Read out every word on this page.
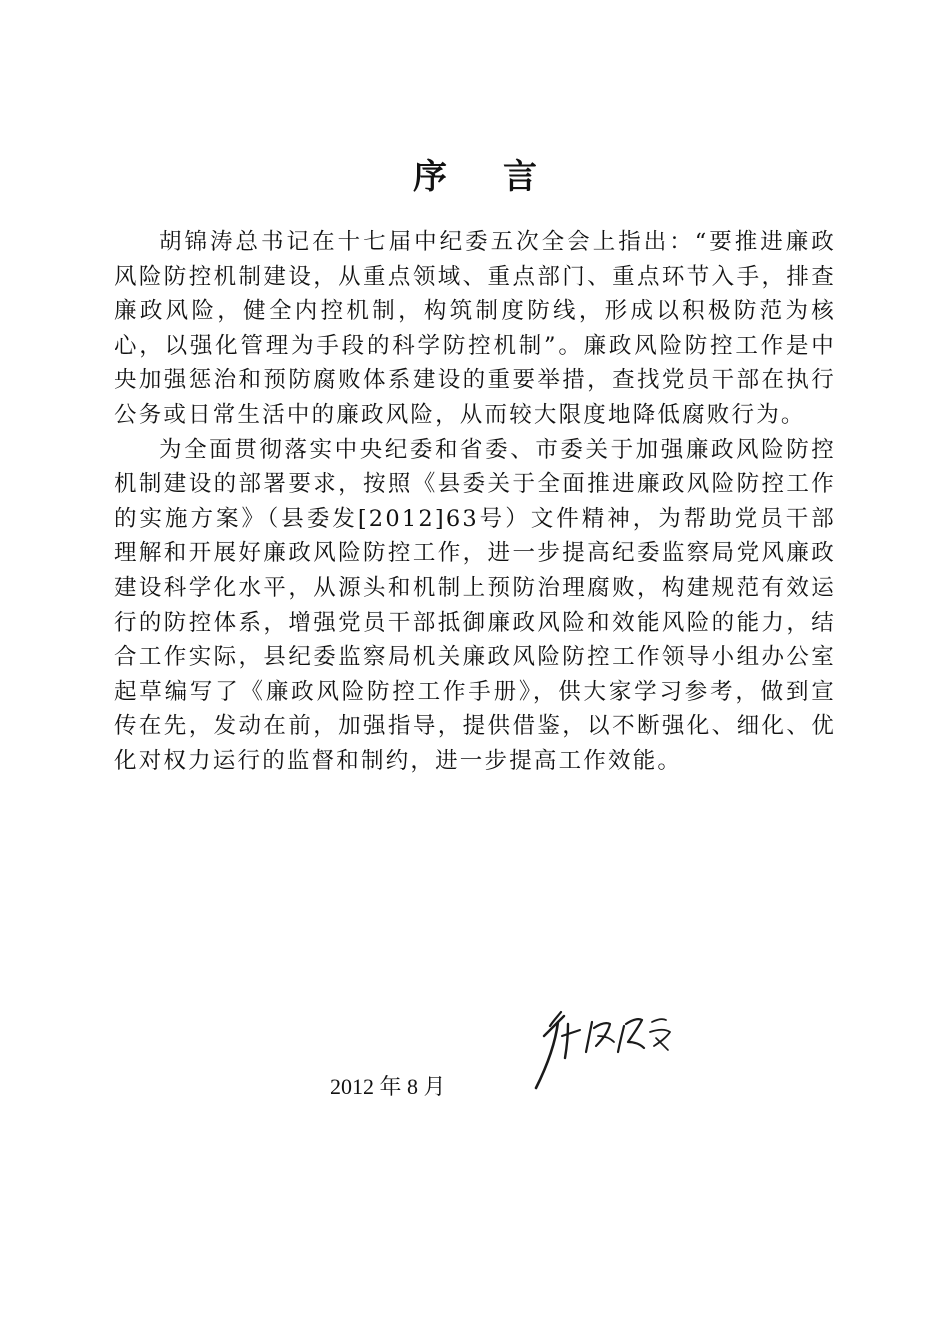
序言

胡锦涛总书记在十七届中纪委五次全会上指出：“要推进廉政风险防控机制建设，从重点领域、重点部门、重点环节入手，排查廉政风险，健全内控机制，构筑制度防线，形成以积极防范为核心，以强化管理为手段的科学防控机制”。廉政风险防控工作是中央加强惩治和预防腐败体系建设的重要举措，查找党员干部在执行公务或日常生活中的廉政风险，从而较大限度地降低腐败行为。

为全面贯彻落实中央纪委和省委、市委关于加强廉政风险防控机制建设的部署要求，按照《县委关于全面推进廉政风险防控工作的实施方案》（县委发[2012]63号）文件精神，为帮助党员干部理解和开展好廉政风险防控工作，进一步提高纪委监察局党风廉政建设科学化水平，从源头和机制上预防治理腐败，构建规范有效运行的防控体系，增强党员干部抵御廉政风险和效能风险的能力，结合工作实际，县纪委监察局机关廉政风险防控工作领导小组办公室起草编写了《廉政风险防控工作手册》，供大家学习参考，做到宣传在先，发动在前，加强指导，提供借鉴，以不断强化、细化、优化对权力运行的监督和制约，进一步提高工作效能。

2012 年 8 月
